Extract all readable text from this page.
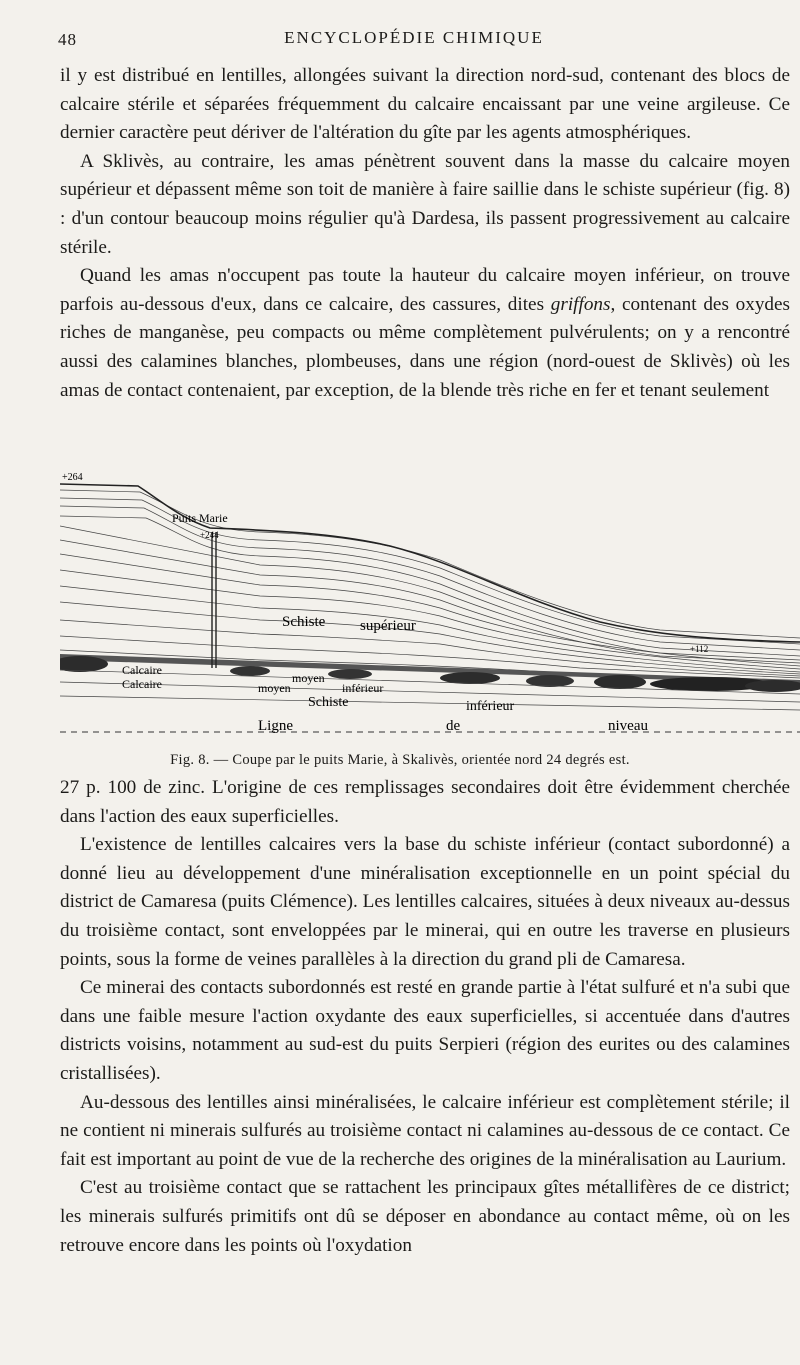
48	ENCYCLOPÉDIE CHIMIQUE

il y est distribué en lentilles, allongées suivant la direction nord-sud, contenant des blocs de calcaire stérile et séparées fréquemment du calcaire encaissant par une veine argileuse. Ce dernier caractère peut dériver de l'altération du gîte par les agents atmosphériques.

A Sklivès, au contraire, les amas pénètrent souvent dans la masse du calcaire moyen supérieur et dépassent même son toit de manière à faire saillie dans le schiste supérieur (fig. 8) : d'un contour beaucoup moins régulier qu'à Dardesa, ils passent progressivement au calcaire stérile.

Quand les amas n'occupent pas toute la hauteur du calcaire moyen inférieur, on trouve parfois au-dessous d'eux, dans ce calcaire, des cassures, dites griffons, contenant des oxydes riches de manganèse, peu compacts ou même complètement pulvérulents; on y a rencontré aussi des calamines blanches, plombeuses, dans une région (nord-ouest de Sklivès) où les amas de contact contenaient, par exception, de la blende très riche en fer et tenant seulement

+264
Puits Marie
+244
+112
Schiste supérieur
Calcaire
Calcaire	moyen
moyen	inférieur
Schiste	inférieur
Ligne	de	niveau
Fig. 8. — Coupe par le puits Marie, à Skalivès, orientée nord 24 degrés est.

27 p. 100 de zinc. L'origine de ces remplissages secondaires doit être évidemment cherchée dans l'action des eaux superficielles.

L'existence de lentilles calcaires vers la base du schiste inférieur (contact subordonné) a donné lieu au développement d'une minéralisation exceptionnelle en un point spécial du district de Camaresa (puits Clémence). Les lentilles calcaires, situées à deux niveaux au-dessus du troisième contact, sont enveloppées par le minerai, qui en outre les traverse en plusieurs points, sous la forme de veines parallèles à la direction du grand pli de Camaresa.

Ce minerai des contacts subordonnés est resté en grande partie à l'état sulfuré et n'a subi que dans une faible mesure l'action oxydante des eaux superficielles, si accentuée dans d'autres districts voisins, notamment au sud-est du puits Serpieri (région des eurites ou des calamines cristallisées).

Au-dessous des lentilles ainsi minéralisées, le calcaire inférieur est complètement stérile; il ne contient ni minerais sulfurés au troisième contact ni calamines au-dessous de ce contact. Ce fait est important au point de vue de la recherche des origines de la minéralisation au Laurium.

C'est au troisième contact que se rattachent les principaux gîtes métallifères de ce district; les minerais sulfurés primitifs ont dû se déposer en abondance au contact même, où on les retrouve encore dans les points où l'oxydation
